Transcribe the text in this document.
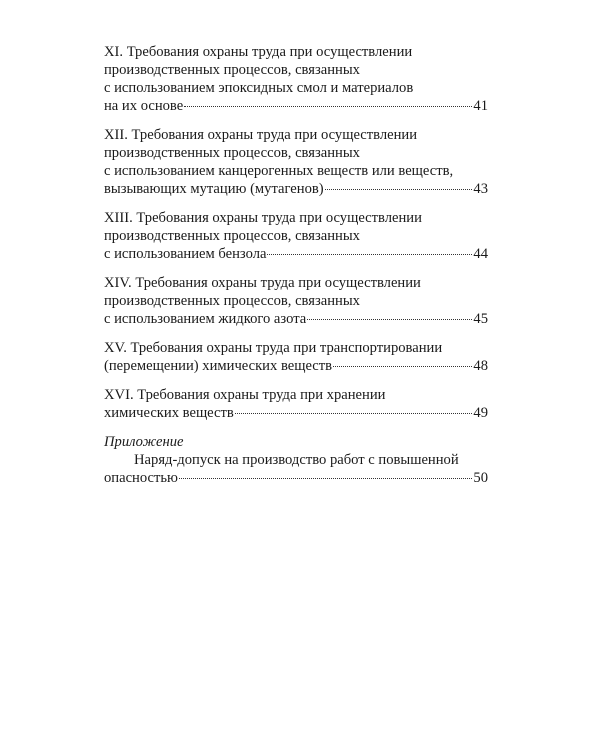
XI. Требования охраны труда при осуществлении
производственных процессов, связанных
с использованием эпоксидных смол и материалов
на их основе	41
XII. Требования охраны труда при осуществлении
производственных процессов, связанных
с использованием канцерогенных веществ или веществ,
вызывающих мутацию (мутагенов)	43
XIII. Требования охраны труда при осуществлении
производственных процессов, связанных
с использованием бензола	44
XIV. Требования охраны труда при осуществлении
производственных процессов, связанных
с использованием жидкого азота	45
XV. Требования охраны труда при транспортировании
(перемещении) химических веществ	48
XVI. Требования охраны труда при хранении
химических веществ	49
Приложение
Наряд-допуск на производство работ с повышенной
опасностью	50
